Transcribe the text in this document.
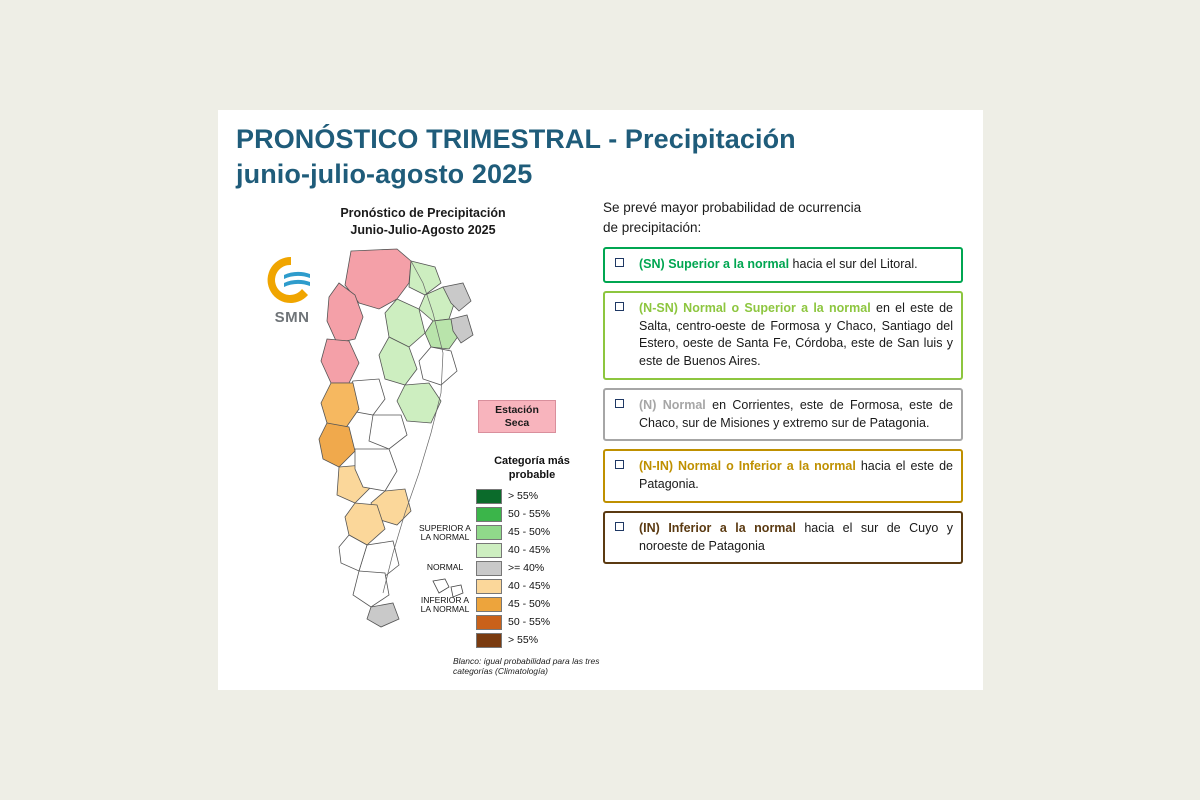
PRONÓSTICO TRIMESTRAL - Precipitación
junio-julio-agosto 2025
Pronóstico de Precipitación
Junio-Julio-Agosto 2025
SMN
Estación
Seca
Categoría más
probable
> 55%
50 - 55%
SUPERIOR A
LA NORMAL	45 - 50%
40 - 45%
NORMAL	>= 40%
40 - 45%
INFERIOR A
LA NORMAL	45 - 50%
50 - 55%
> 55%
Blanco: igual probabilidad para las tres categorías (Climatología)
Se prevé mayor probabilidad de ocurrencia
de precipitación:
(SN) Superior a la normal hacia el sur del Litoral.
(N-SN) Normal o Superior a la normal en el este de Salta, centro-oeste de Formosa y Chaco, Santiago del Estero, oeste de Santa Fe, Córdoba, este de San luis y este de Buenos Aires.
(N) Normal en Corrientes, este de Formosa, este de Chaco, sur de Misiones y extremo sur de Patagonia.
(N-IN) Normal o Inferior a la normal hacia el este de Patagonia.
(IN) Inferior a la normal hacia el sur de Cuyo y noroeste de Patagonia
